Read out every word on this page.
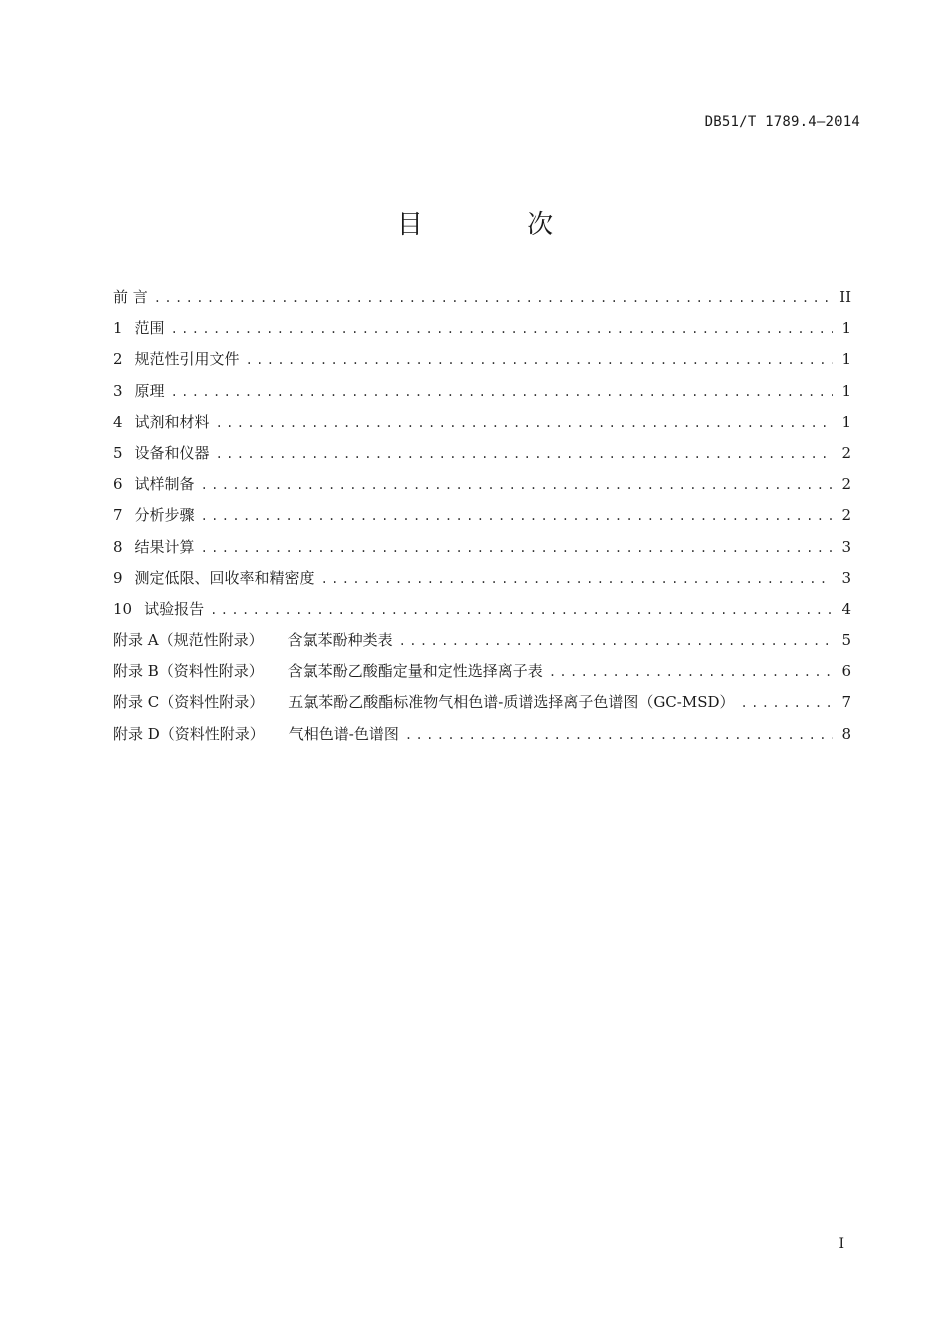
DB51/T 1789.4—2014
目 次
前 言 .....	II
1 范围 .....	1
2 规范性引用文件 .....	1
3 原理 .....	1
4 试剂和材料 .....	1
5 设备和仪器 .....	2
6 试样制备 .....	2
7 分析步骤 .....	2
8 结果计算 .....	3
9 测定低限、回收率和精密度 .....	3
10 试验报告 .....	4
附录 A（规范性附录） 含氯苯酚种类表 .....	5
附录 B（资料性附录） 含氯苯酚乙酸酯定量和定性选择离子表 .....	6
附录 C（资料性附录） 五氯苯酚乙酸酯标准物气相色谱-质谱选择离子色谱图（GC-MSD） .....	7
附录 D（资料性附录） 气相色谱-色谱图 .....	8
I
